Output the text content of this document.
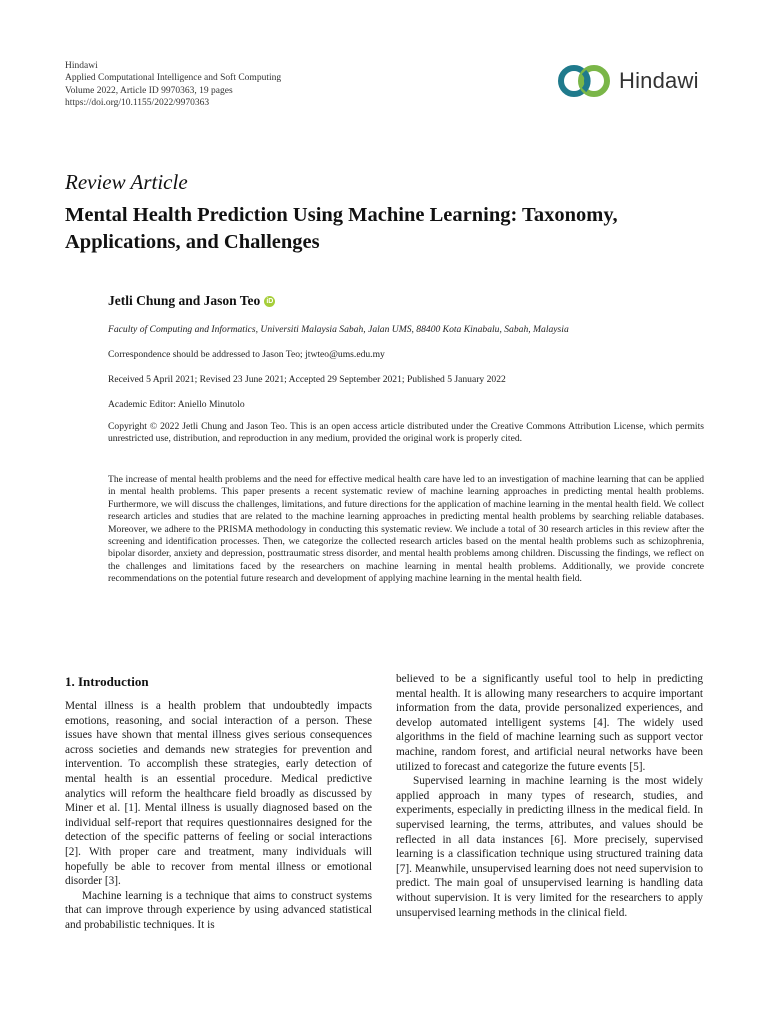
Hindawi
Applied Computational Intelligence and Soft Computing
Volume 2022, Article ID 9970363, 19 pages
https://doi.org/10.1155/2022/9970363
Hindawi
Review Article
Mental Health Prediction Using Machine Learning: Taxonomy, Applications, and Challenges
Jetli Chung and Jason Teo iD
Faculty of Computing and Informatics, Universiti Malaysia Sabah, Jalan UMS, 88400 Kota Kinabalu, Sabah, Malaysia
Correspondence should be addressed to Jason Teo; jtwteo@ums.edu.my
Received 5 April 2021; Revised 23 June 2021; Accepted 29 September 2021; Published 5 January 2022
Academic Editor: Aniello Minutolo
Copyright © 2022 Jetli Chung and Jason Teo. This is an open access article distributed under the Creative Commons Attribution License, which permits unrestricted use, distribution, and reproduction in any medium, provided the original work is properly cited.
The increase of mental health problems and the need for effective medical health care have led to an investigation of machine learning that can be applied in mental health problems. This paper presents a recent systematic review of machine learning approaches in predicting mental health problems. Furthermore, we will discuss the challenges, limitations, and future directions for the application of machine learning in the mental health field. We collect research articles and studies that are related to the machine learning approaches in predicting mental health problems by searching reliable databases. Moreover, we adhere to the PRISMA methodology in conducting this systematic review. We include a total of 30 research articles in this review after the screening and identification processes. Then, we categorize the collected research articles based on the mental health problems such as schizophrenia, bipolar disorder, anxiety and depression, posttraumatic stress disorder, and mental health problems among children. Discussing the findings, we reflect on the challenges and limitations faced by the researchers on machine learning in mental health problems. Additionally, we provide concrete recommendations on the potential future research and development of applying machine learning in the mental health field.
1. Introduction

Mental illness is a health problem that undoubtedly impacts emotions, reasoning, and social interaction of a person. These issues have shown that mental illness gives serious consequences across societies and demands new strategies for prevention and intervention. To accomplish these strategies, early detection of mental health is an essential procedure. Medical predictive analytics will reform the healthcare field broadly as discussed by Miner et al. [1]. Mental illness is usually diagnosed based on the individual self-report that requires questionnaires designed for the detection of the specific patterns of feeling or social interactions [2]. With proper care and treatment, many individuals will hopefully be able to recover from mental illness or emotional disorder [3].

Machine learning is a technique that aims to construct systems that can improve through experience by using advanced statistical and probabilistic techniques. It is

believed to be a significantly useful tool to help in predicting mental health. It is allowing many researchers to acquire important information from the data, provide personalized experiences, and develop automated intelligent systems [4]. The widely used algorithms in the field of machine learning such as support vector machine, random forest, and artificial neural networks have been utilized to forecast and categorize the future events [5].

Supervised learning in machine learning is the most widely applied approach in many types of research, studies, and experiments, especially in predicting illness in the medical field. In supervised learning, the terms, attributes, and values should be reflected in all data instances [6]. More precisely, supervised learning is a classification technique using structured training data [7]. Meanwhile, unsupervised learning does not need supervision to predict. The main goal of unsupervised learning is handling data without supervision. It is very limited for the researchers to apply unsupervised learning methods in the clinical field.
